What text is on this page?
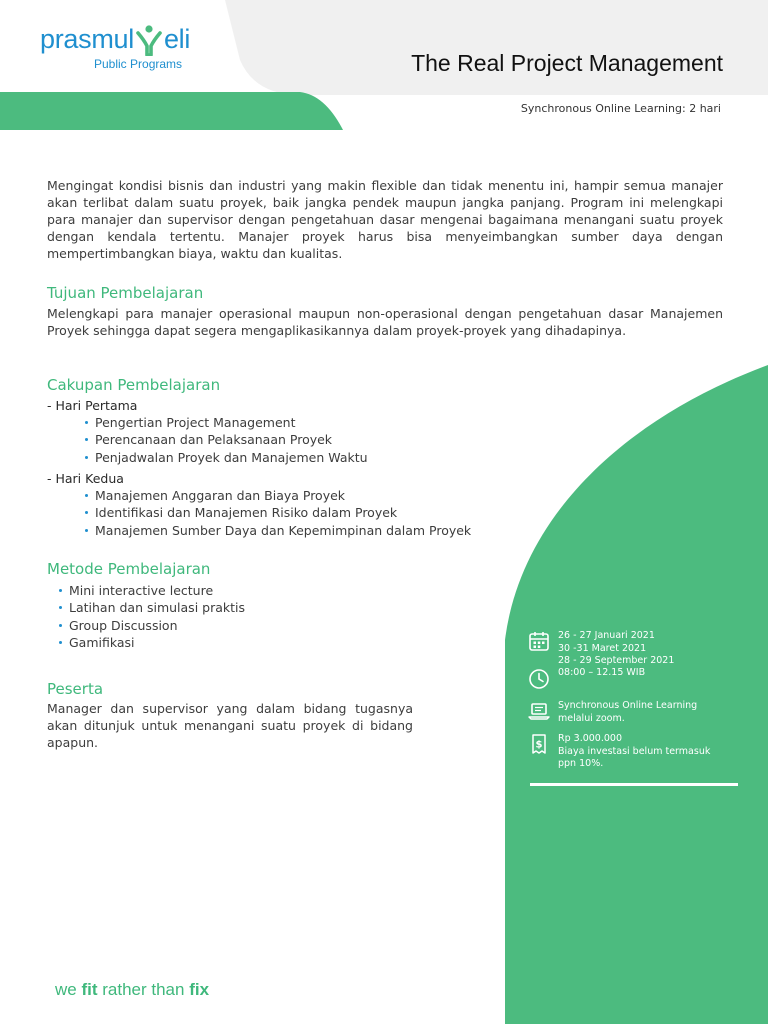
prasmul eli
Public Programs	The Real Project Management
Synchronous Online Learning: 2 hari
Mengingat kondisi bisnis dan industri yang makin flexible dan tidak menentu ini, hampir semua manajer akan terlibat dalam suatu proyek, baik jangka pendek maupun jangka panjang. Program ini melengkapi para manajer dan supervisor dengan pengetahuan dasar mengenai bagaimana menangani suatu proyek dengan kendala tertentu. Manajer proyek harus bisa menyeimbangkan sumber daya dengan mempertimbangkan biaya, waktu dan kualitas.
Tujuan Pembelajaran
Melengkapi para manajer operasional maupun non-operasional dengan pengetahuan dasar Manajemen Proyek sehingga dapat segera mengaplikasikannya dalam proyek-proyek yang dihadapinya.
Cakupan Pembelajaran
- Hari Pertama
Pengertian Project Management
Perencanaan dan Pelaksanaan Proyek
Penjadwalan Proyek dan Manajemen Waktu
- Hari Kedua
Manajemen Anggaran dan Biaya Proyek
Identifikasi dan Manajemen Risiko dalam Proyek
Manajemen Sumber Daya dan Kepemimpinan dalam Proyek
Metode Pembelajaran
Mini interactive lecture
Latihan dan simulasi praktis
Group Discussion
Gamifikasi
Peserta
Manager dan supervisor yang dalam bidang tugasnya akan ditunjuk untuk menangani suatu proyek di bidang apapun.
26 - 27 Januari 2021
30 -31 Maret 2021
28 - 29 September 2021
08:00 – 12.15 WIB
Synchronous Online Learning
melalui zoom.
$
Rp 3.000.000
Biaya investasi belum termasuk
ppn 10%.
we fit rather than fix
